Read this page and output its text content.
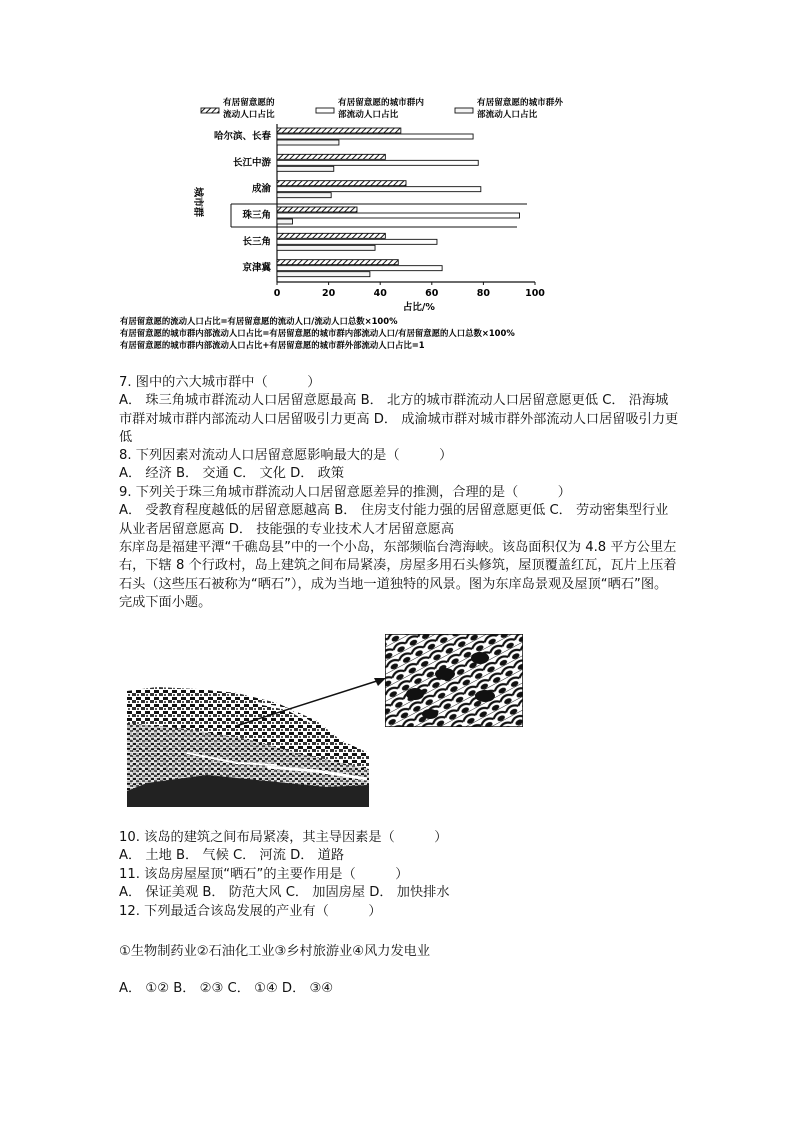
有居留意愿的
流动人口占比
有居留意愿的城市群内
部流动人口占比
有居留意愿的城市群外
部流动人口占比
0	20	40	60	80	100
占比/%
城市群
哈尔滨、长春
长江中游
成渝
珠三角
长三角
京津冀
有居留意愿的流动人口占比=有居留意愿的流动人口/流动人口总数×100%
有居留意愿的城市群内部流动人口占比=有居留意愿的城市群内部流动人口/有居留意愿的人口总数×100%
有居留意愿的城市群内部流动人口占比+有居留意愿的城市群外部流动人口占比=1

7. 图中的六大城市群中（　　　）

A． 珠三角城市群流动人口居留意愿最高 B． 北方的城市群流动人口居留意愿更低 C． 沿海城市群对城市群内部流动人口居留吸引力更高 D． 成渝城市群对城市群外部流动人口居留吸引力更低

8. 下列因素对流动人口居留意愿影响最大的是（　　　）

A． 经济 B． 交通 C． 文化 D． 政策

9. 下列关于珠三角城市群流动人口居留意愿差异的推测，合理的是（　　　）

A． 受教育程度越低的居留意愿越高 B． 住房支付能力强的居留意愿更低 C． 劳动密集型行业从业者居留意愿高 D． 技能强的专业技术人才居留意愿高

东庠岛是福建平潭“千礁岛县”中的一个小岛，东部频临台湾海峡。该岛面积仅为 4.8 平方公里左右，下辖 8 个行政村，岛上建筑之间布局紧凑，房屋多用石头修筑，屋顶覆盖红瓦，瓦片上压着石头（这些压石被称为“晒石”），成为当地一道独特的风景。图为东庠岛景观及屋顶“晒石”图。完成下面小题。

10. 该岛的建筑之间布局紧凑，其主导因素是（　　　）

A． 土地 B． 气候 C． 河流 D． 道路

11. 该岛房屋屋顶“晒石”的主要作用是（　　　）

A． 保证美观 B． 防范大风 C． 加固房屋 D． 加快排水

12. 下列最适合该岛发展的产业有（　　　）

①生物制药业②石油化工业③乡村旅游业④风力发电业
A． ①② B． ②③ C． ①④ D． ③④
